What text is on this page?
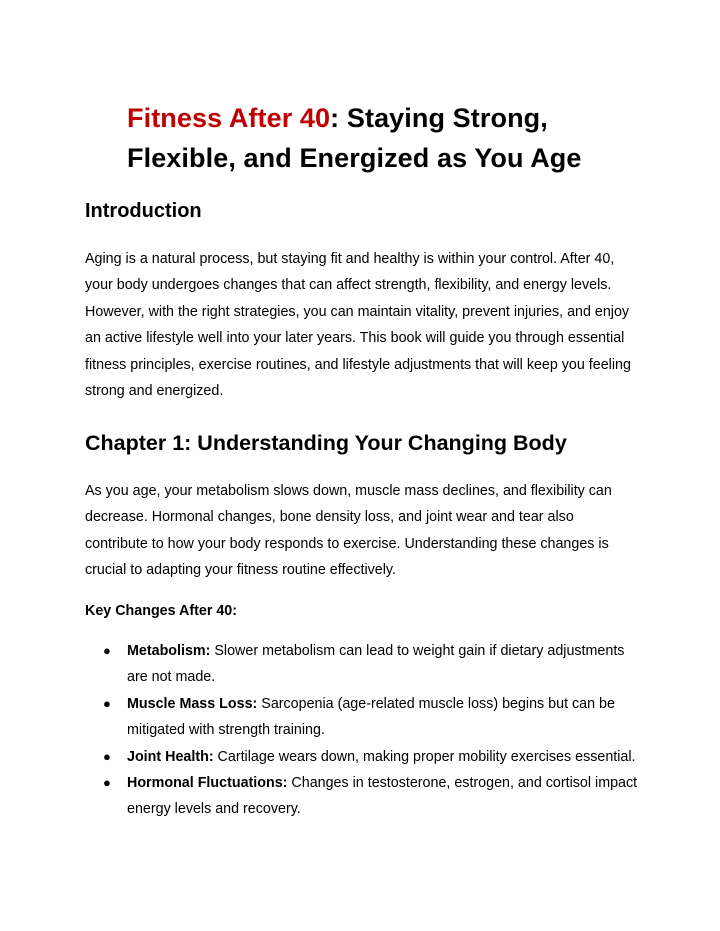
Fitness After 40: Staying Strong, Flexible, and Energized as You Age
Introduction

Aging is a natural process, but staying fit and healthy is within your control. After 40, your body undergoes changes that can affect strength, flexibility, and energy levels. However, with the right strategies, you can maintain vitality, prevent injuries, and enjoy an active lifestyle well into your later years. This book will guide you through essential fitness principles, exercise routines, and lifestyle adjustments that will keep you feeling strong and energized.

Chapter 1: Understanding Your Changing Body

As you age, your metabolism slows down, muscle mass declines, and flexibility can decrease. Hormonal changes, bone density loss, and joint wear and tear also contribute to how your body responds to exercise. Understanding these changes is crucial to adapting your fitness routine effectively.

Key Changes After 40:

● Metabolism: Slower metabolism can lead to weight gain if dietary adjustments are not made.
● Muscle Mass Loss: Sarcopenia (age-related muscle loss) begins but can be mitigated with strength training.
● Joint Health: Cartilage wears down, making proper mobility exercises essential.
● Hormonal Fluctuations: Changes in testosterone, estrogen, and cortisol impact energy levels and recovery.
